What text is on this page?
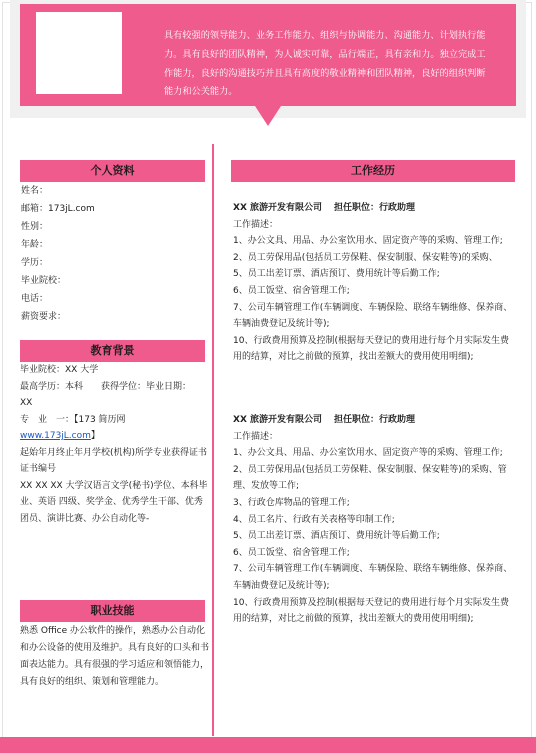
具有较强的领导能力、业务工作能力、组织与协调能力、沟通能力、计划执行能力。具有良好的团队精神，为人诚实可靠，品行端正，具有亲和力。独立完成工作能力，良好的沟通技巧并且具有高度的敬业精神和团队精神，良好的组织判断能力和公关能力。
个人资料
姓名：
邮箱：173jL.com
性别：
年龄：
学历：
毕业院校：
电话：
薪资要求：
教育背景
毕业院校：XX 大学
最高学历：本科　　获得学位：毕业日期：
XX
专　业　一：【173 简历网
www.173jL.com】
起始年月终止年月学校(机构)所学专业获得证书证书编号
XX XX XX 大学汉语言文学(秘书)学位、本科毕业、英语 四级、奖学金、优秀学生干部、优秀团员、演讲比赛、办公自动化等-
职业技能
熟悉 Office 办公软件的操作，熟悉办公自动化和办公设备的使用及维护。具有良好的口头和书面表达能力。具有很强的学习适应和领悟能力，具有良好的组织、策划和管理能力。
工作经历
XX 旅游开发有限公司 担任职位：行政助理
工作描述：
1、办公文具、用品、办公室饮用水、固定资产等的采购、管理工作;
2、员工劳保用品(包括员工劳保鞋、保安制服、保安鞋等)的采购、
5、员工出差订票、酒店预订、费用统计等后勤工作;
6、员工饭堂、宿舍管理工作;
7、公司车辆管理工作(车辆调度、车辆保险、联络车辆维修、保养商、车辆油费登记及统计等);
10、行政费用预算及控制(根据每天登记的费用进行每个月实际发生费用的结算，对比之前做的预算，找出差额大的费用使用明细);
XX 旅游开发有限公司 担任职位：行政助理
工作描述：
1、办公文具、用品、办公室饮用水、固定资产等的采购、管理工作;
2、员工劳保用品(包括员工劳保鞋、保安制服、保安鞋等)的采购、管理、发放等工作;
3、行政仓库物品的管理工作;
4、员工名片、行政有关表格等印制工作;
5、员工出差订票、酒店预订、费用统计等后勤工作;
6、员工饭堂、宿舍管理工作;
7、公司车辆管理工作(车辆调度、车辆保险、联络车辆维修、保养商、车辆油费登记及统计等);
10、行政费用预算及控制(根据每天登记的费用进行每个月实际发生费用的结算，对比之前做的预算，找出差额大的费用使用明细);
